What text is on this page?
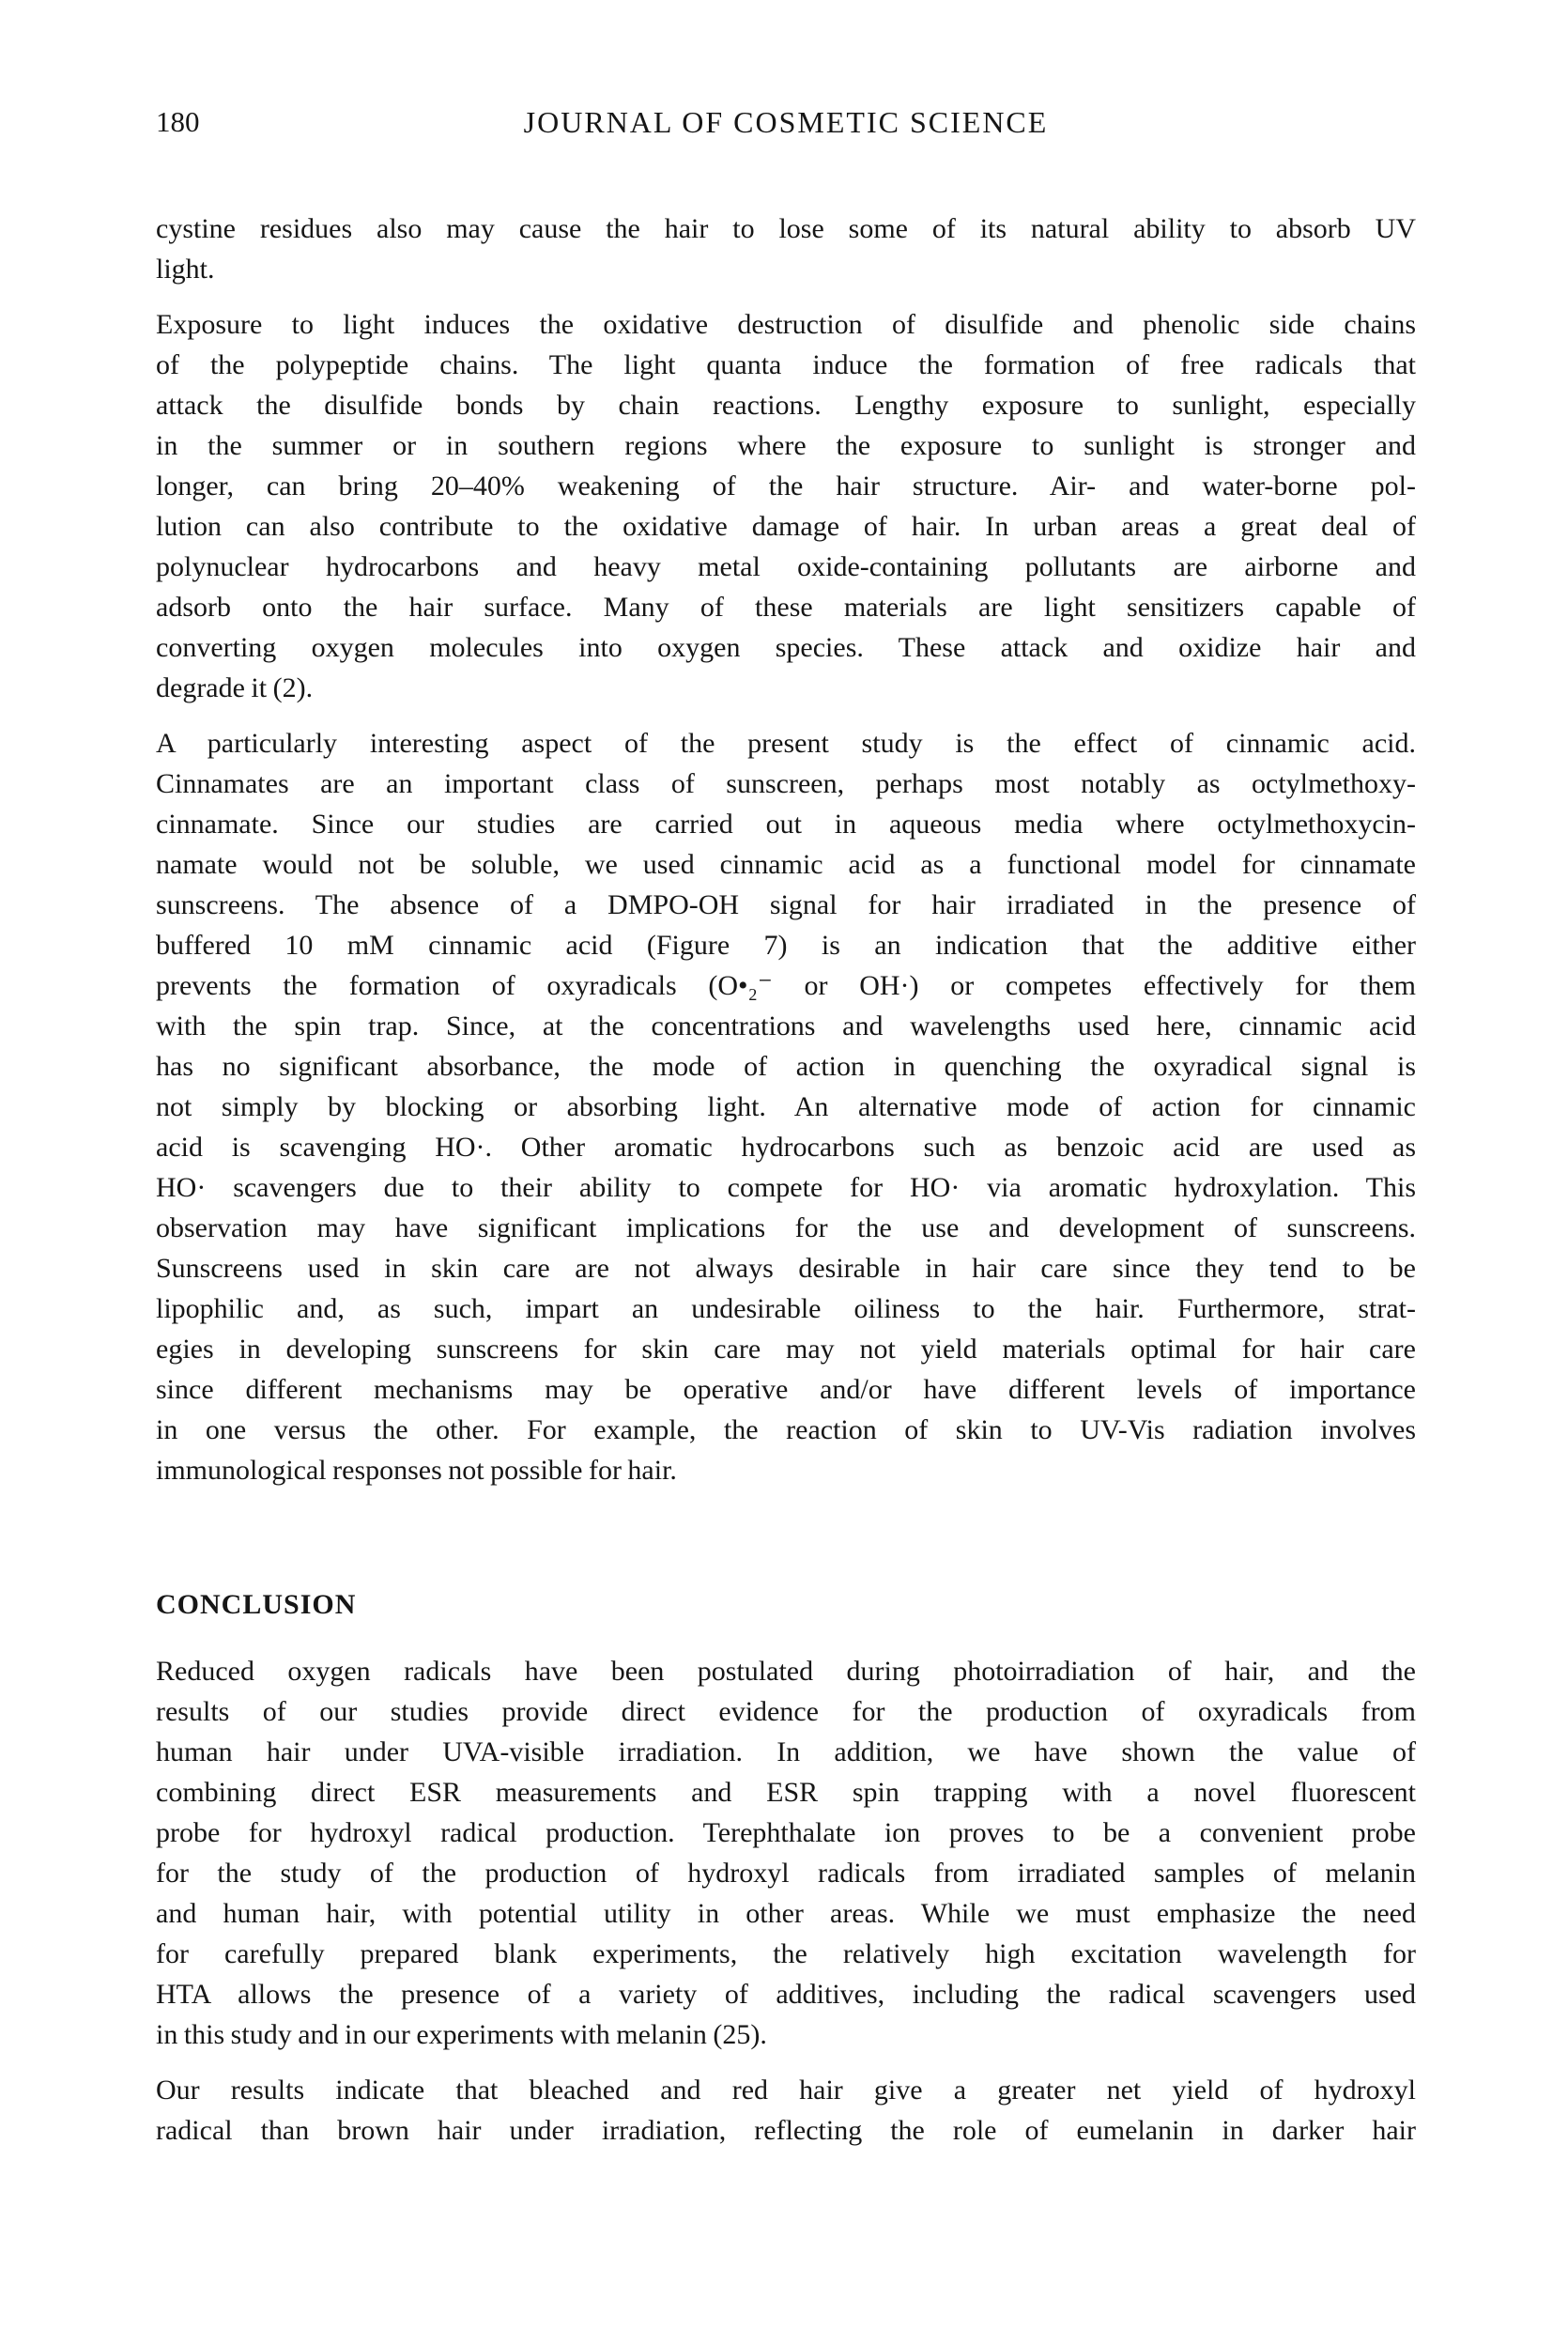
180	JOURNAL OF COSMETIC SCIENCE
cystine residues also may cause the hair to lose some of its natural ability to absorb UV
light.
Exposure to light induces the oxidative destruction of disulfide and phenolic side chains
of the polypeptide chains. The light quanta induce the formation of free radicals that
attack the disulfide bonds by chain reactions. Lengthy exposure to sunlight, especially
in the summer or in southern regions where the exposure to sunlight is stronger and
longer, can bring 20–40% weakening of the hair structure. Air- and water-borne pol-
lution can also contribute to the oxidative damage of hair. In urban areas a great deal of
polynuclear hydrocarbons and heavy metal oxide-containing pollutants are airborne and
adsorb onto the hair surface. Many of these materials are light sensitizers capable of
converting oxygen molecules into oxygen species. These attack and oxidize hair and
degrade it (2).
A particularly interesting aspect of the present study is the effect of cinnamic acid.
Cinnamates are an important class of sunscreen, perhaps most notably as octylmethoxy-
cinnamate. Since our studies are carried out in aqueous media where octylmethoxycin-
namate would not be soluble, we used cinnamic acid as a functional model for cinnamate
sunscreens. The absence of a DMPO-OH signal for hair irradiated in the presence of
buffered 10 mM cinnamic acid (Figure 7) is an indication that the additive either
prevents the formation of oxyradicals (O•₂⁻ or OH·) or competes effectively for them
with the spin trap. Since, at the concentrations and wavelengths used here, cinnamic acid
has no significant absorbance, the mode of action in quenching the oxyradical signal is
not simply by blocking or absorbing light. An alternative mode of action for cinnamic
acid is scavenging HO·. Other aromatic hydrocarbons such as benzoic acid are used as
HO· scavengers due to their ability to compete for HO· via aromatic hydroxylation. This
observation may have significant implications for the use and development of sunscreens.
Sunscreens used in skin care are not always desirable in hair care since they tend to be
lipophilic and, as such, impart an undesirable oiliness to the hair. Furthermore, strat-
egies in developing sunscreens for skin care may not yield materials optimal for hair care
since different mechanisms may be operative and/or have different levels of importance
in one versus the other. For example, the reaction of skin to UV-Vis radiation involves
immunological responses not possible for hair.
CONCLUSION
Reduced oxygen radicals have been postulated during photoirradiation of hair, and the
results of our studies provide direct evidence for the production of oxyradicals from
human hair under UVA-visible irradiation. In addition, we have shown the value of
combining direct ESR measurements and ESR spin trapping with a novel fluorescent
probe for hydroxyl radical production. Terephthalate ion proves to be a convenient probe
for the study of the production of hydroxyl radicals from irradiated samples of melanin
and human hair, with potential utility in other areas. While we must emphasize the need
for carefully prepared blank experiments, the relatively high excitation wavelength for
HTA allows the presence of a variety of additives, including the radical scavengers used
in this study and in our experiments with melanin (25).
Our results indicate that bleached and red hair give a greater net yield of hydroxyl
radical than brown hair under irradiation, reflecting the role of eumelanin in darker hair
